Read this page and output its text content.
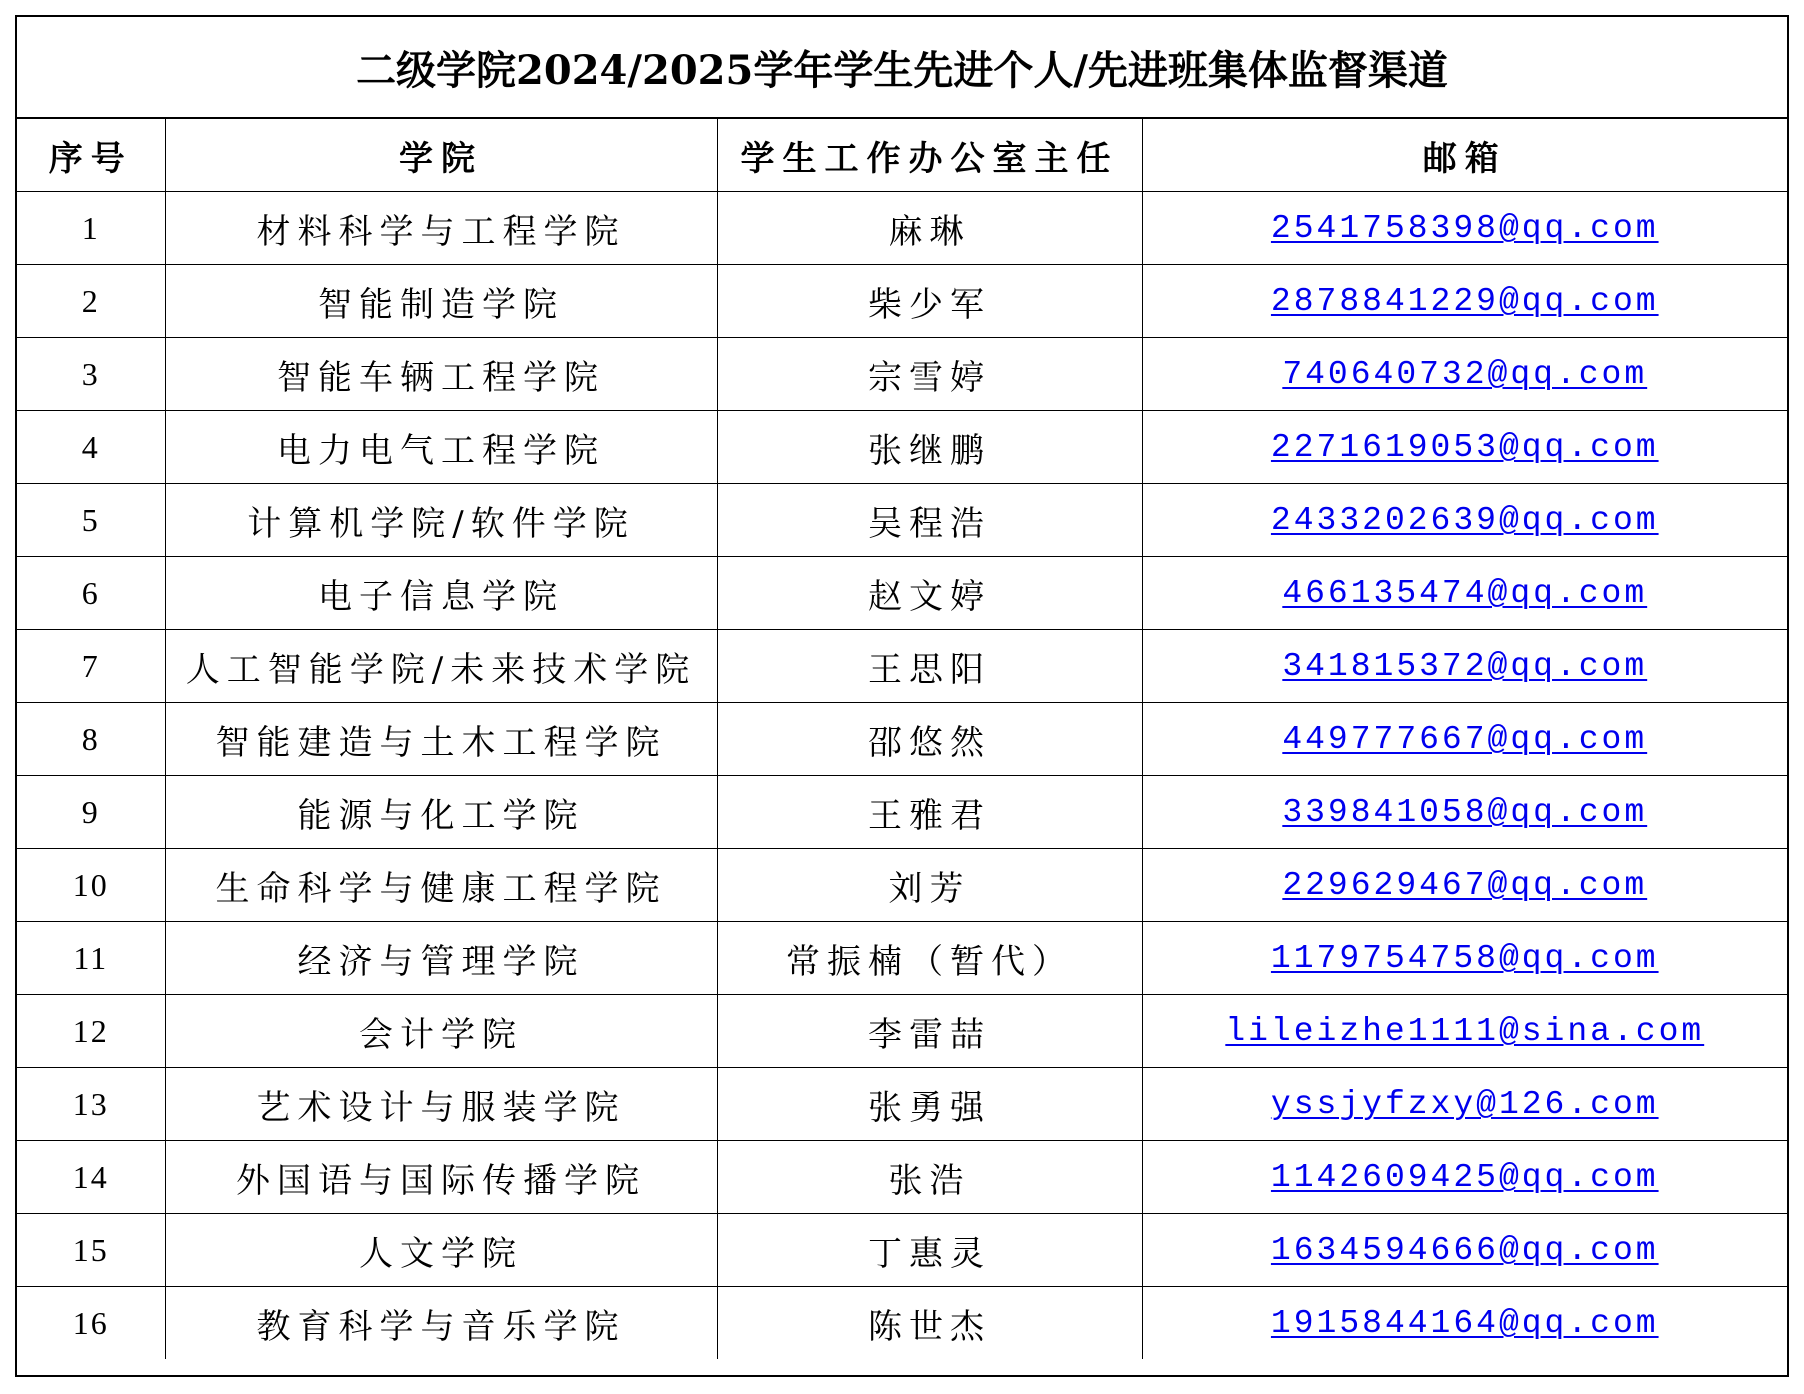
二级学院2024/2025学年学生先进个人/先进班集体监督渠道
序号	学院	学生工作办公室主任	邮箱
1	材料科学与工程学院	麻琳	2541758398@qq.com
2	智能制造学院	柴少军	2878841229@qq.com
3	智能车辆工程学院	宗雪婷	740640732@qq.com
4	电力电气工程学院	张继鹏	2271619053@qq.com
5	计算机学院/软件学院	吴程浩	2433202639@qq.com
6	电子信息学院	赵文婷	466135474@qq.com
7	人工智能学院/未来技术学院	王思阳	341815372@qq.com
8	智能建造与土木工程学院	邵悠然	449777667@qq.com
9	能源与化工学院	王雅君	339841058@qq.com
10	生命科学与健康工程学院	刘芳	229629467@qq.com
11	经济与管理学院	常振楠（暂代）	1179754758@qq.com
12	会计学院	李雷喆	lileizhe1111@sina.com
13	艺术设计与服装学院	张勇强	yssjyfzxy@126.com
14	外国语与国际传播学院	张浩	1142609425@qq.com
15	人文学院	丁惠灵	1634594666@qq.com
16	教育科学与音乐学院	陈世杰	1915844164@qq.com
